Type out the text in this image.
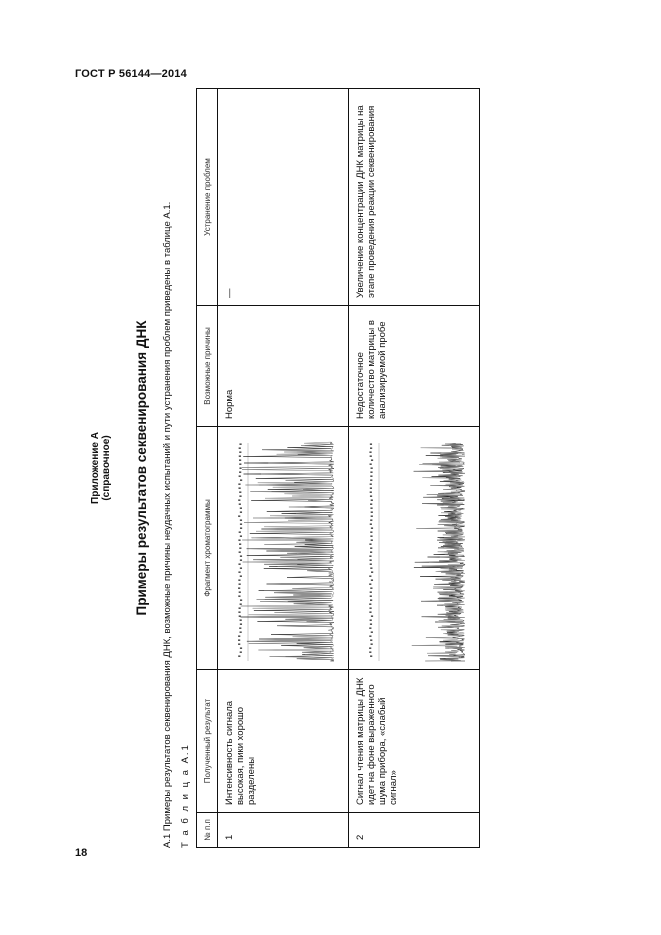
ГОСТ Р 56144—2014
Приложение А (справочное) Примеры результатов секвенирования ДНК А.1 Примеры результатов секвенирования ДНК, возможные причины неудачных испытаний и пути устранения проблем приведены в таблице А.1. Т а б л и ц а А.1 № п.п	Полученный результат	Фрагмент хроматограммы	Возможные причины	Устранение проблем
1	Интенсивность сигнала высокая, пики хорошо разделены		Норма	—
2	Сигнал чтения матрицы ДНК идет на фоне выраженного шума прибора, «слабый сигнал»		Недостаточное количество матрицы в анализируемой пробе	Увеличение концентрации ДНК матрицы на этапе проведения реакции секвенирования
18
